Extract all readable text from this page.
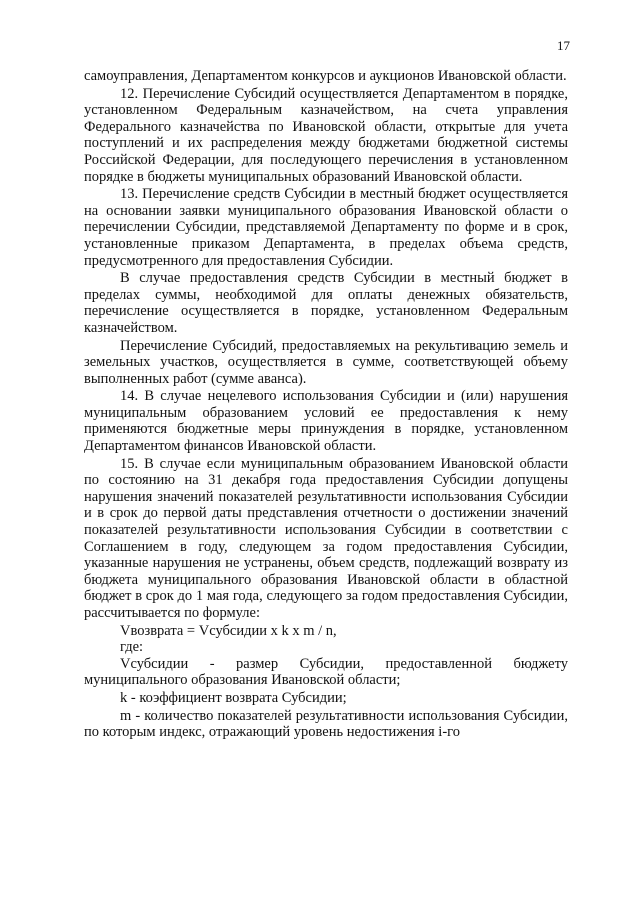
17

самоуправления, Департаментом конкурсов и аукционов Ивановской области.

12. Перечисление Субсидий осуществляется Департаментом в порядке, установленном Федеральным казначейством, на счета управления Федерального казначейства по Ивановской области, открытые для учета поступлений и их распределения между бюджетами бюджетной системы Российской Федерации, для последующего перечисления в установленном порядке в бюджеты муниципальных образований Ивановской области.

13. Перечисление средств Субсидии в местный бюджет осуществляется на основании заявки муниципального образования Ивановской области о перечислении Субсидии, представляемой Департаменту по форме и в срок, установленные приказом Департамента, в пределах объема средств, предусмотренного для предоставления Субсидии.

В случае предоставления средств Субсидии в местный бюджет в пределах суммы, необходимой для оплаты денежных обязательств, перечисление осуществляется в порядке, установленном Федеральным казначейством.

Перечисление Субсидий, предоставляемых на рекультивацию земель и земельных участков, осуществляется в сумме, соответствующей объему выполненных работ (сумме аванса).

14. В случае нецелевого использования Субсидии и (или) нарушения муниципальным образованием условий ее предоставления к нему применяются бюджетные меры принуждения в порядке, установленном Департаментом финансов Ивановской области.

15. В случае если муниципальным образованием Ивановской области по состоянию на 31 декабря года предоставления Субсидии допущены нарушения значений показателей результативности использования Субсидии и в срок до первой даты представления отчетности о достижении значений показателей результативности использования Субсидии в соответствии с Соглашением в году, следующем за годом предоставления Субсидии, указанные нарушения не устранены, объем средств, подлежащий возврату из бюджета муниципального образования Ивановской области в областной бюджет в срок до 1 мая года, следующего за годом предоставления Субсидии, рассчитывается по формуле:

Vвозврата = Vсубсидии x k x m / n,

где:

Vсубсидии - размер Субсидии, предоставленной бюджету муниципального образования Ивановской области;

k - коэффициент возврата Субсидии;

m - количество показателей результативности использования Субсидии, по которым индекс, отражающий уровень недостижения i-го
